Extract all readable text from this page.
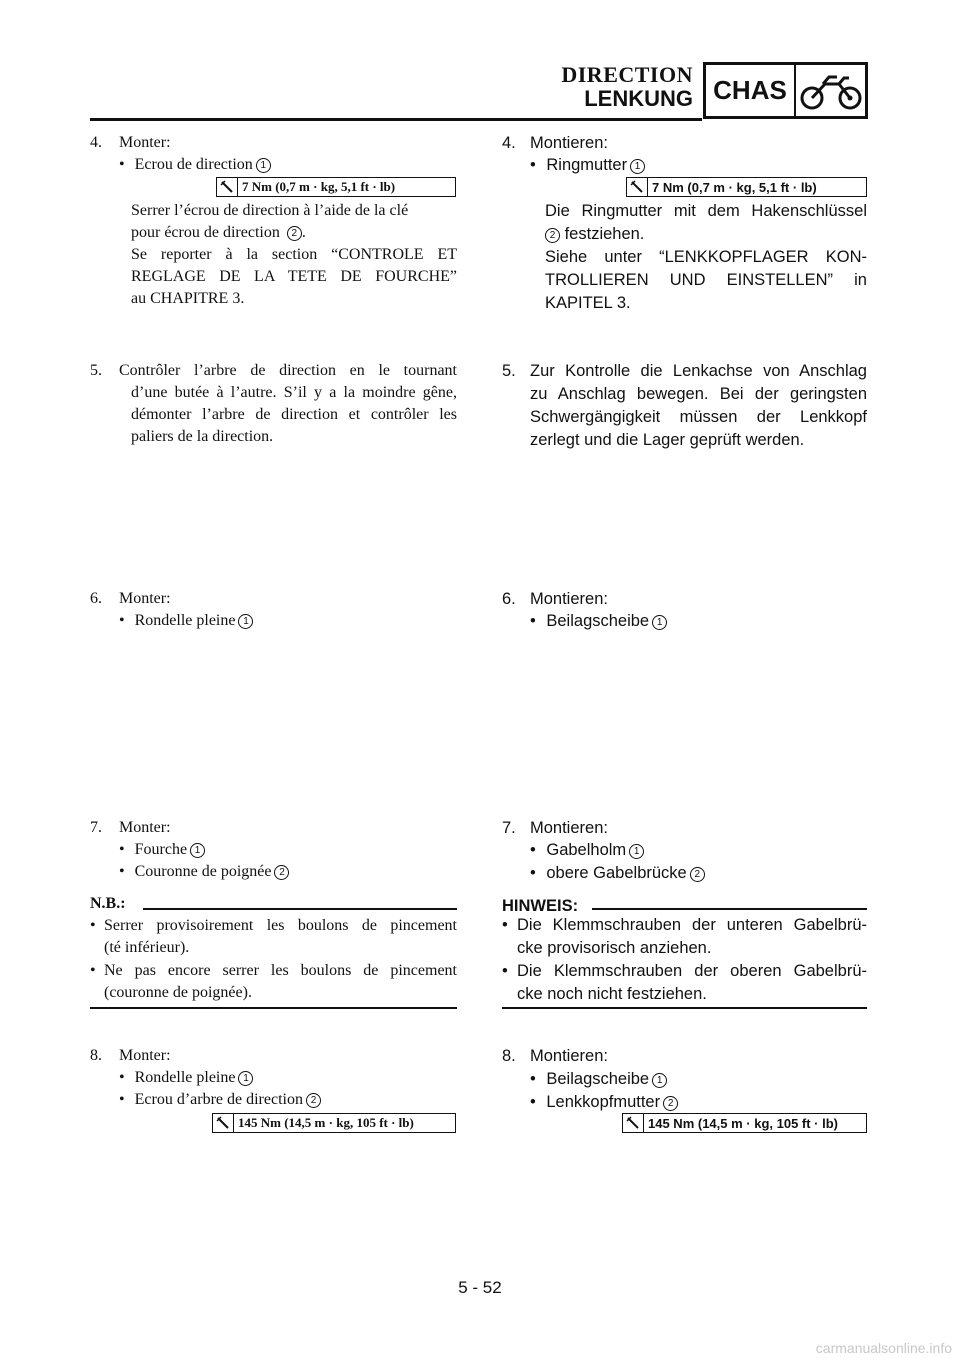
DIRECTION
LENKUNG CHAS
4. Monter:
• Ecrou de direction 1
7 Nm (0,7 m · kg, 5,1 ft · lb)
Serrer l’écrou de direction à l’aide de la clé
pour écrou de direction 2 .
Se reporter à la section “CONTROLE ET
REGLAGE DE LA TETE DE FOURCHE”
au CHAPITRE 3.
5. Contrôler l’arbre de direction en le tournant
d’une butée à l’autre. S’il y a la moindre gêne,
démonter l’arbre de direction et contrôler les
paliers de la direction.
6. Monter:
• Rondelle pleine 1
7. Monter:
• Fourche 1
• Couronne de poignée 2
N.B.:
• Serrer provisoirement les boulons de pincement
(té inférieur).
• Ne pas encore serrer les boulons de pincement
(couronne de poignée).
8. Monter:
• Rondelle pleine 1
• Ecrou d’arbre de direction 2
145 Nm (14,5 m · kg, 105 ft · lb)
4. Montieren:
• Ringmutter 1
7 Nm (0,7 m · kg, 5,1 ft · lb)
Die Ringmutter mit dem Hakenschlüssel
2 festziehen.
Siehe unter “LENKKOPFLAGER KON-
TROLLIEREN UND EINSTELLEN” in
KAPITEL 3.
5. Zur Kontrolle die Lenkachse von Anschlag
zu Anschlag bewegen. Bei der geringsten
Schwergängigkeit müssen der Lenkkopf
zerlegt und die Lager geprüft werden.
6. Montieren:
• Beilagscheibe 1
7. Montieren:
• Gabelholm 1
• obere Gabelbrücke 2
HINWEIS:
• Die Klemmschrauben der unteren Gabelbrü-
cke provisorisch anziehen.
• Die Klemmschrauben der oberen Gabelbrü-
cke noch nicht festziehen.
8. Montieren:
• Beilagscheibe 1
• Lenkkopfmutter 2
145 Nm (14,5 m · kg, 105 ft · lb)
5 - 52
carmanualsonline.info
